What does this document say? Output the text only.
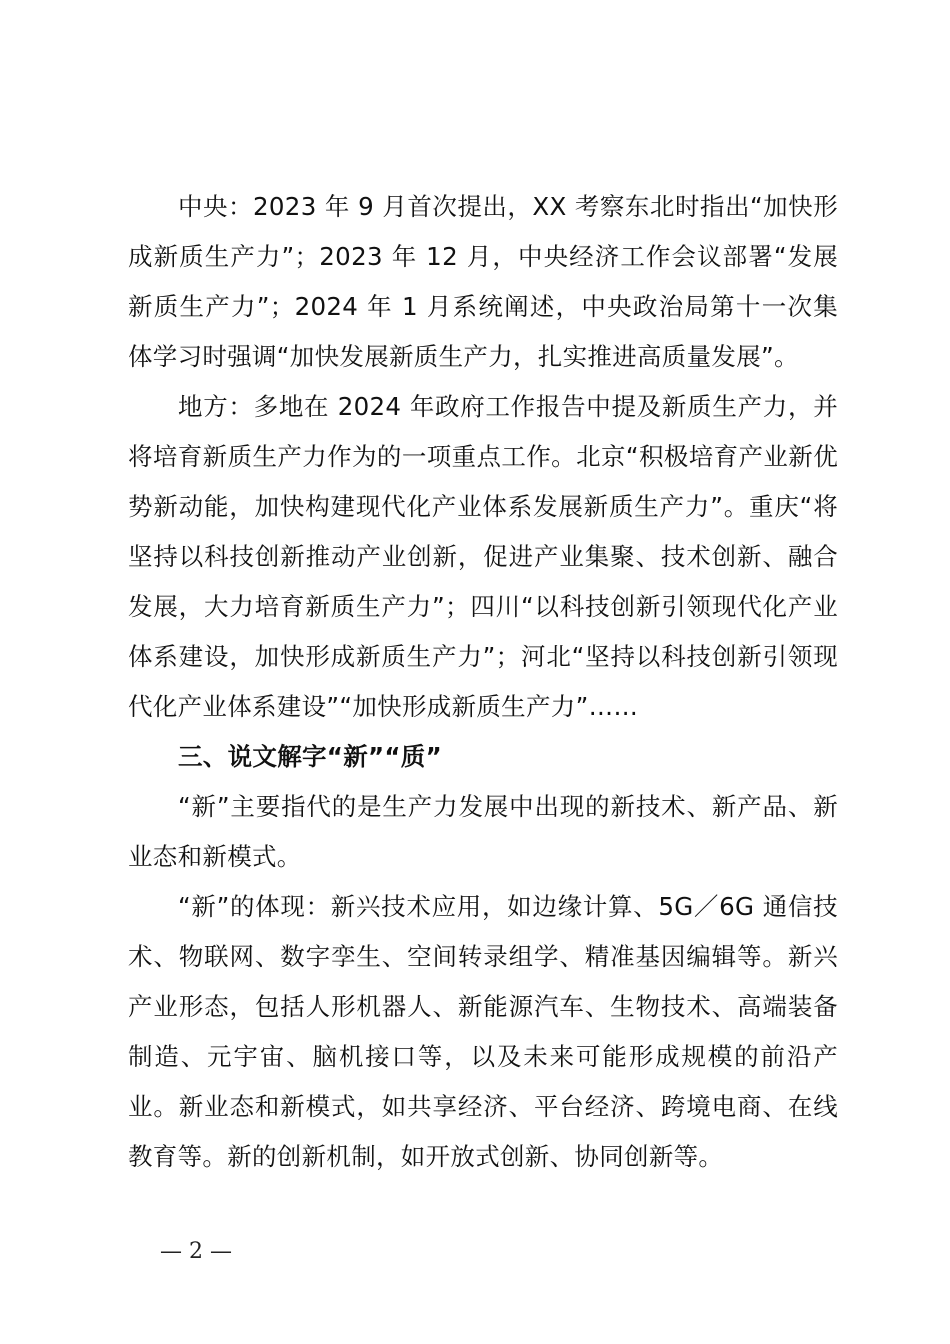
中央：2023 年 9 月首次提出，XX 考察东北时指出“加快形成新质生产力”；2023 年 12 月，中央经济工作会议部署“发展新质生产力”；2024 年 1 月系统阐述，中央政治局第十一次集体学习时强调“加快发展新质生产力，扎实推进高质量发展”。

地方：多地在 2024 年政府工作报告中提及新质生产力，并将培育新质生产力作为的一项重点工作。北京“积极培育产业新优势新动能，加快构建现代化产业体系发展新质生产力”。重庆“将坚持以科技创新推动产业创新，促进产业集聚、技术创新、融合发展，大力培育新质生产力”；四川“以科技创新引领现代化产业体系建设，加快形成新质生产力”；河北“坚持以科技创新引领现代化产业体系建设”“加快形成新质生产力”……

三、说文解字“新”“质”

“新”主要指代的是生产力发展中出现的新技术、新产品、新业态和新模式。

“新”的体现：新兴技术应用，如边缘计算、5G／6G 通信技术、物联网、数字孪生、空间转录组学、精准基因编辑等。新兴产业形态，包括人形机器人、新能源汽车、生物技术、高端装备制造、元宇宙、脑机接口等，以及未来可能形成规模的前沿产业。新业态和新模式，如共享经济、平台经济、跨境电商、在线教育等。新的创新机制，如开放式创新、协同创新等。

— 2 —
